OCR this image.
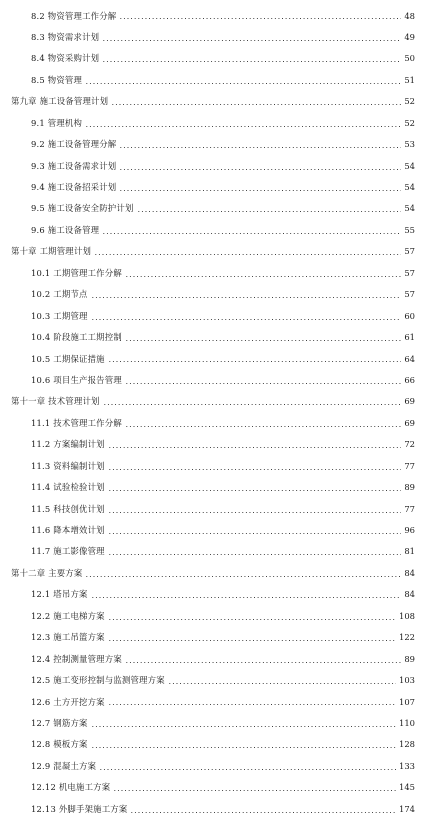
8.2 物资管理工作分解	48
8.3 物资需求计划	49
8.4 物资采购计划	50
8.5 物资管理	51
第九章 施工设备管理计划	52
9.1 管理机构	52
9.2 施工设备管理分解	53
9.3 施工设备需求计划	54
9.4 施工设备招采计划	54
9.5 施工设备安全防护计划	54
9.6 施工设备管理	55
第十章 工期管理计划	57
10.1 工期管理工作分解	57
10.2 工期节点	57
10.3 工期管理	60
10.4 阶段施工工期控制	61
10.5 工期保证措施	64
10.6 项目生产报告管理	66
第十一章 技术管理计划	69
11.1 技术管理工作分解	69
11.2 方案编制计划	72
11.3 资料编制计划	77
11.4 试验检验计划	89
11.5 科技创优计划	77
11.6 降本增效计划	96
11.7 施工影像管理	81
第十二章 主要方案	84
12.1 塔吊方案	84
12.2 施工电梯方案	108
12.3 施工吊篮方案	122
12.4 控制测量管理方案	89
12.5 施工变形控制与监测管理方案	103
12.6 土方开挖方案	107
12.7 钢筋方案	110
12.8 模板方案	128
12.9 混凝土方案	133
12.12 机电施工方案	145
12.13 外脚手架施工方案	174
